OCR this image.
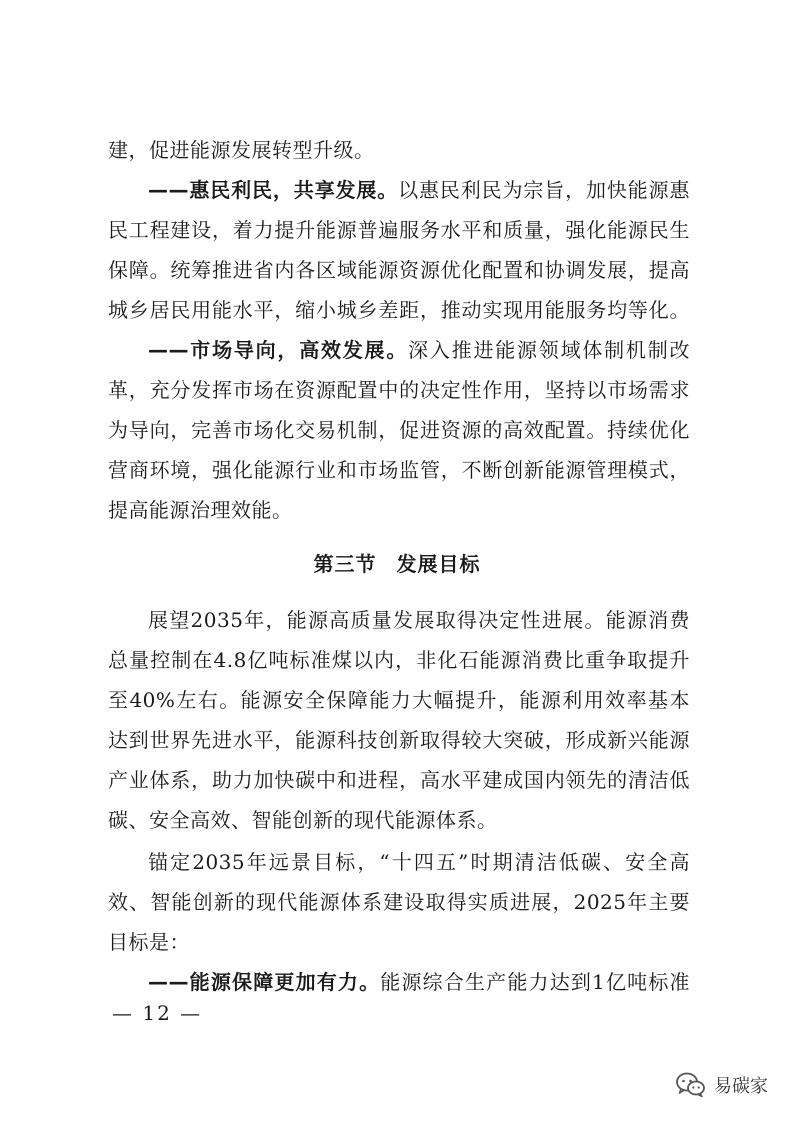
建，促进能源发展转型升级。
——惠民利民，共享发展。以惠民利民为宗旨，加快能源惠
民工程建设，着力提升能源普遍服务水平和质量，强化能源民生
保障。统筹推进省内各区域能源资源优化配置和协调发展，提高
城乡居民用能水平，缩小城乡差距，推动实现用能服务均等化。
——市场导向，高效发展。深入推进能源领域体制机制改
革，充分发挥市场在资源配置中的决定性作用，坚持以市场需求
为导向，完善市场化交易机制，促进资源的高效配置。持续优化
营商环境，强化能源行业和市场监管，不断创新能源管理模式，
提高能源治理效能。
第三节 发展目标
展望2035年，能源高质量发展取得决定性进展。能源消费
总量控制在4.8亿吨标准煤以内，非化石能源消费比重争取提升
至40%左右。能源安全保障能力大幅提升，能源利用效率基本
达到世界先进水平，能源科技创新取得较大突破，形成新兴能源
产业体系，助力加快碳中和进程，高水平建成国内领先的清洁低
碳、安全高效、智能创新的现代能源体系。
锚定2035年远景目标，“十四五”时期清洁低碳、安全高
效、智能创新的现代能源体系建设取得实质进展，2025年主要
目标是：
——能源保障更加有力。能源综合生产能力达到1亿吨标准
— 12 —
易碳家
